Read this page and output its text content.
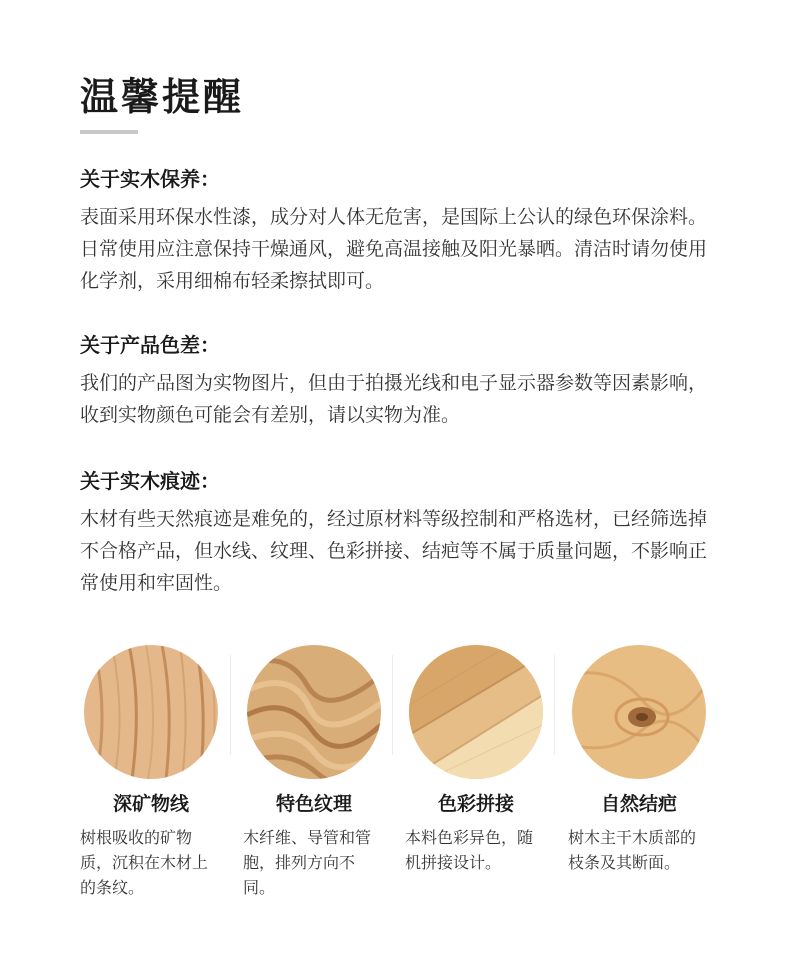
温馨提醒
关于实木保养：

表面采用环保水性漆，成分对人体无危害，是国际上公认的绿色环保涂料。日常使用应注意保持干燥通风，避免高温接触及阳光暴晒。清洁时请勿使用化学剂，采用细棉布轻柔擦拭即可。

关于产品色差：

我们的产品图为实物图片，但由于拍摄光线和电子显示器参数等因素影响，收到实物颜色可能会有差别，请以实物为准。

关于实木痕迹：

木材有些天然痕迹是难免的，经过原材料等级控制和严格选材，已经筛选掉不合格产品，但水线、纹理、色彩拼接、结疤等不属于质量问题，不影响正常使用和牢固性。

深矿物线

树根吸收的矿物质，沉积在木材上的条纹。

特色纹理

木纤维、导管和管胞，排列方向不同。

色彩拼接

本料色彩异色，随机拼接设计。

自然结疤

树木主干木质部的枝条及其断面。
